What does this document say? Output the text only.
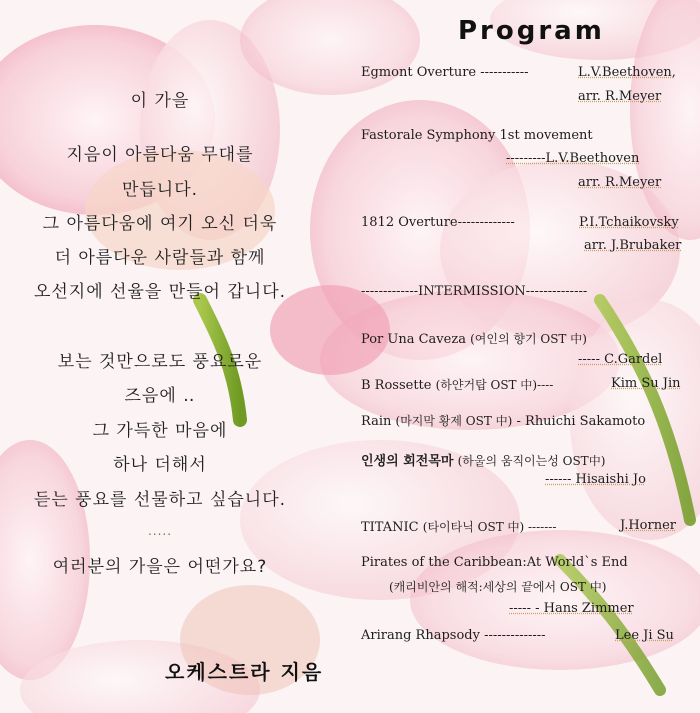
이 가을
지음이 아름다움 무대를
만듭니다.
그 아름다움에 여기 오신 더욱
더 아름다운 사람들과 함께
오선지에 선율을 만들어 갑니다.
보는 것만으로도 풍요로운
즈음에 ‥
그 가득한 마음에
하나 더해서
듣는 풍요를 선물하고 싶습니다.
.....
여러분의 가을은 어떤가요?
오케스트라 지음
Program
Egmont Overture -----------	L.V.Beethoven,
arr. R.Meyer
Fastorale Symphony 1st movement
---------L.V.Beethoven
arr. R.Meyer
1812 Overture-------------	P.I.Tchaikovsky
arr. J.Brubaker
-------------INTERMISSION--------------
Por Una Caveza (여인의 향기 OST 中)
----- C.Gardel
B Rossette (하얀거탑 OST 中)----	Kim Su Jin
Rain (마지막 황제 OST 中) - Rhuichi Sakamoto
인생의 회전목마 (하울의 움직이는성 OST中)
------ Hisaishi Jo
TITANIC (타이타닉 OST 中) -------	J.Horner
Pirates of the Caribbean:At World`s End
(캐리비안의 해적:세상의 끝에서 OST 中)
----- - Hans Zimmer
Arirang Rhapsody --------------	Lee Ji Su
